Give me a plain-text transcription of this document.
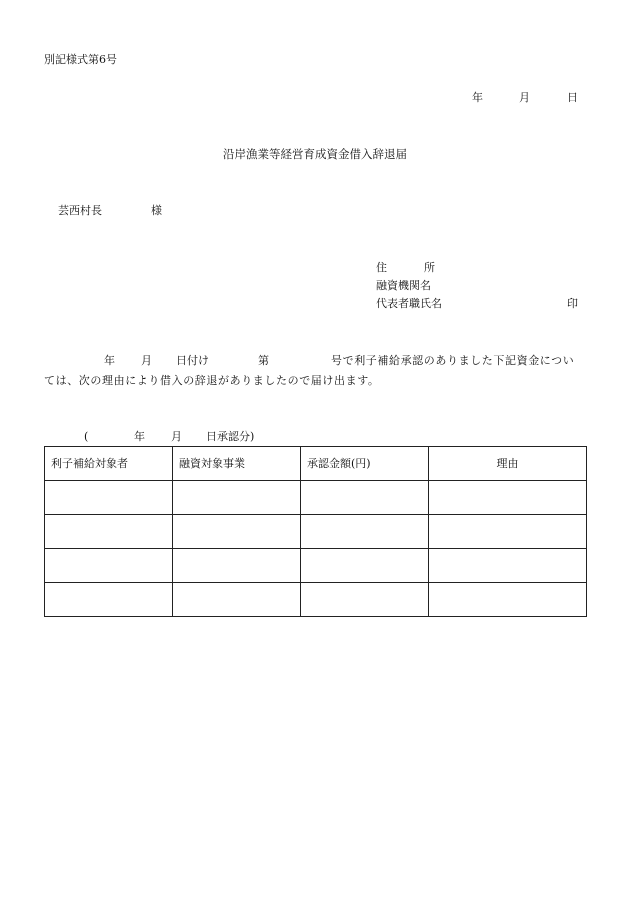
別記様式第6号
年	月	日
沿岸漁業等経営育成資金借入辞退届
芸西村長	様
住	所
融資機関名
代表者職氏名	印
年 月 日付け	第	号で利子補給承認のありました下記資金につい
ては、次の理由により借入の辞退がありましたので届け出ます。
(	年 月 日承認分)
利子補給対象者	融資対象事業	承認金額(円)	理由
